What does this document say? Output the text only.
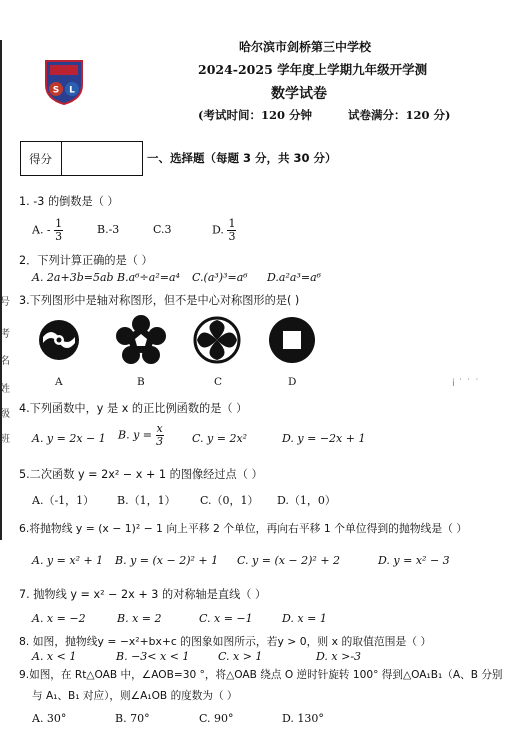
号
考
名
姓
级
班
S L
哈尔滨市剑桥第三中学校
2024-2025 学年度上学期九年级开学测
数学试卷
(考试时间：120 分钟	试卷满分：120 分)
得分	一、选择题（每题 3 分，共 30 分）
1. -3 的倒数是（ ）
A. - $\frac{1}{3}$	B.-3	C.3	D. $\frac{1}{3}$
2．下列计算正确的是（ ）
A. 2a+3b=5ab B.a⁶÷a²=a⁴ C.(a³)³=a⁶ D.a²a³=a⁶
3.下列图形中是轴对称图形，但不是中心对称图形的是( )
A	B	C	D	i ˙ ˙ ˙
4.下列函数中，y 是 x 的正比例函数的是（ ）
A. y = 2x − 1 B. $y = \frac{x}{3}$	C. y = 2x²	D. y = −2x + 1
5.二次函数 y = 2x² − x + 1 的图像经过点（ ）
A.（-1，1） B.（1，1） C.（0，1） D.（1，0）
6.将抛物线 y = (x − 1)² − 1 向上平移 2 个单位，再向右平移 1 个单位得到的抛物线是（ ）
A. y = x² + 1 B. y = (x − 2)² + 1 C. y = (x − 2)² + 2	D. y = x² − 3
7. 抛物线 y = x² − 2x + 3 的对称轴是直线（ ）
A. x = −2	B. x = 2	C. x = −1	D. x = 1
8. 如图，抛物线y = −x²+bx+c 的图象如图所示，若y > 0，则 x 的取值范围是（ ）
A. x < 1	B. −3< x < 1	C. x > 1	D. x >-3
9.如图，在 Rt△OAB 中，∠AOB=30 °，将△OAB 绕点 O 逆时针旋转 100° 得到△OA₁B₁（A、B 分别
与 A₁、B₁ 对应），则∠A₁OB 的度数为（ ）
A. 30°	B. 70°	C. 90°	D. 130°
